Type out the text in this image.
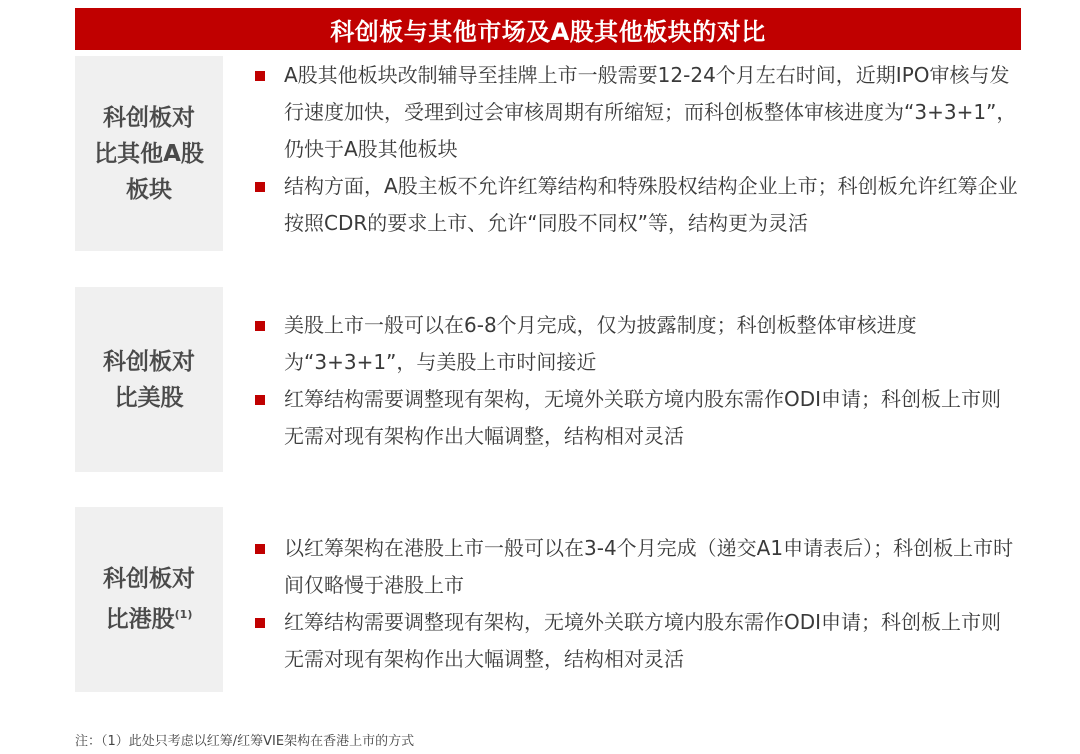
科创板与其他市场及A股其他板块的对比
科创板对比其他A股板块

A股其他板块改制辅导至挂牌上市一般需要12-24个月左右时间，近期IPO审核与发行速度加快，受理到过会审核周期有所缩短；而科创板整体审核进度为“3+3+1”，仍快于A股其他板块

结构方面，A股主板不允许红筹结构和特殊股权结构企业上市；科创板允许红筹企业按照CDR的要求上市、允许“同股不同权”等，结构更为灵活

科创板对比美股

美股上市一般可以在6-8个月完成，仅为披露制度；科创板整体审核进度为“3+3+1”，与美股上市时间接近

红筹结构需要调整现有架构，无境外关联方境内股东需作ODI申请；科创板上市则无需对现有架构作出大幅调整，结构相对灵活

科创板对比港股$^{(1)}$

以红筹架构在港股上市一般可以在3-4个月完成（递交A1申请表后）；科创板上市时间仅略慢于港股上市

红筹结构需要调整现有架构，无境外关联方境内股东需作ODI申请；科创板上市则无需对现有架构作出大幅调整，结构相对灵活

注：（1）此处只考虑以红筹/红筹VIE架构在香港上市的方式
